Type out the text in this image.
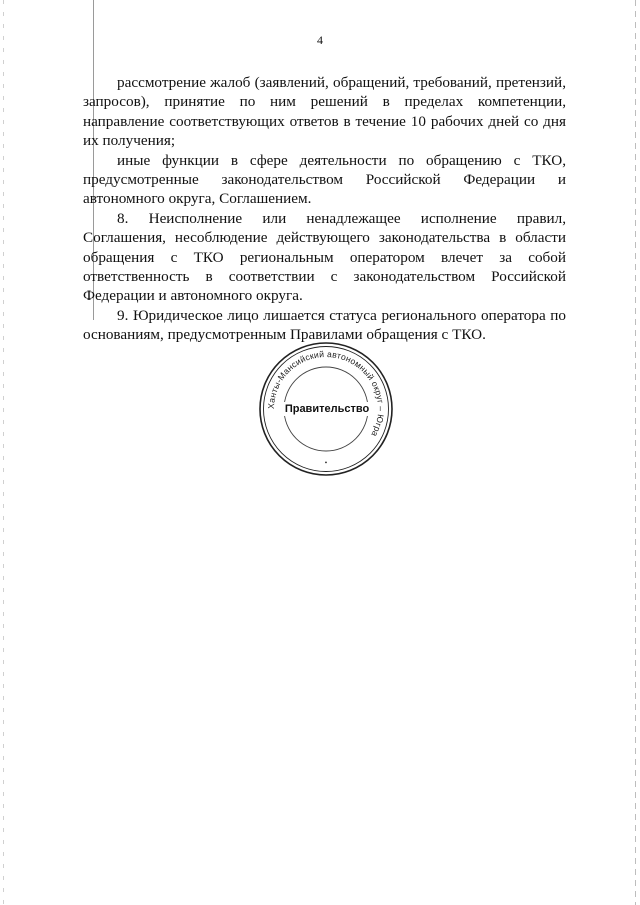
4

рассмотрение жалоб (заявлений, обращений, требований, претензий, запросов), принятие по ним решений в пределах компетенции, направление соответствующих ответов в течение 10 рабочих дней со дня их получения;

иные функции в сфере деятельности по обращению с ТКО, предусмотренные законодательством Российской Федерации и автономного округа, Соглашением.

8. Неисполнение или ненадлежащее исполнение правил, Соглашения, несоблюдение действующего законодательства в области обращения с ТКО региональным оператором влечет за собой ответственность в соответствии с законодательством Российской Федерации и автономного округа.

9. Юридическое лицо лишается статуса регионального оператора по основаниям, предусмотренным Правилами обращения с ТКО.

Ханты-Мансийский автономный округ – Югра
•
Правительство
